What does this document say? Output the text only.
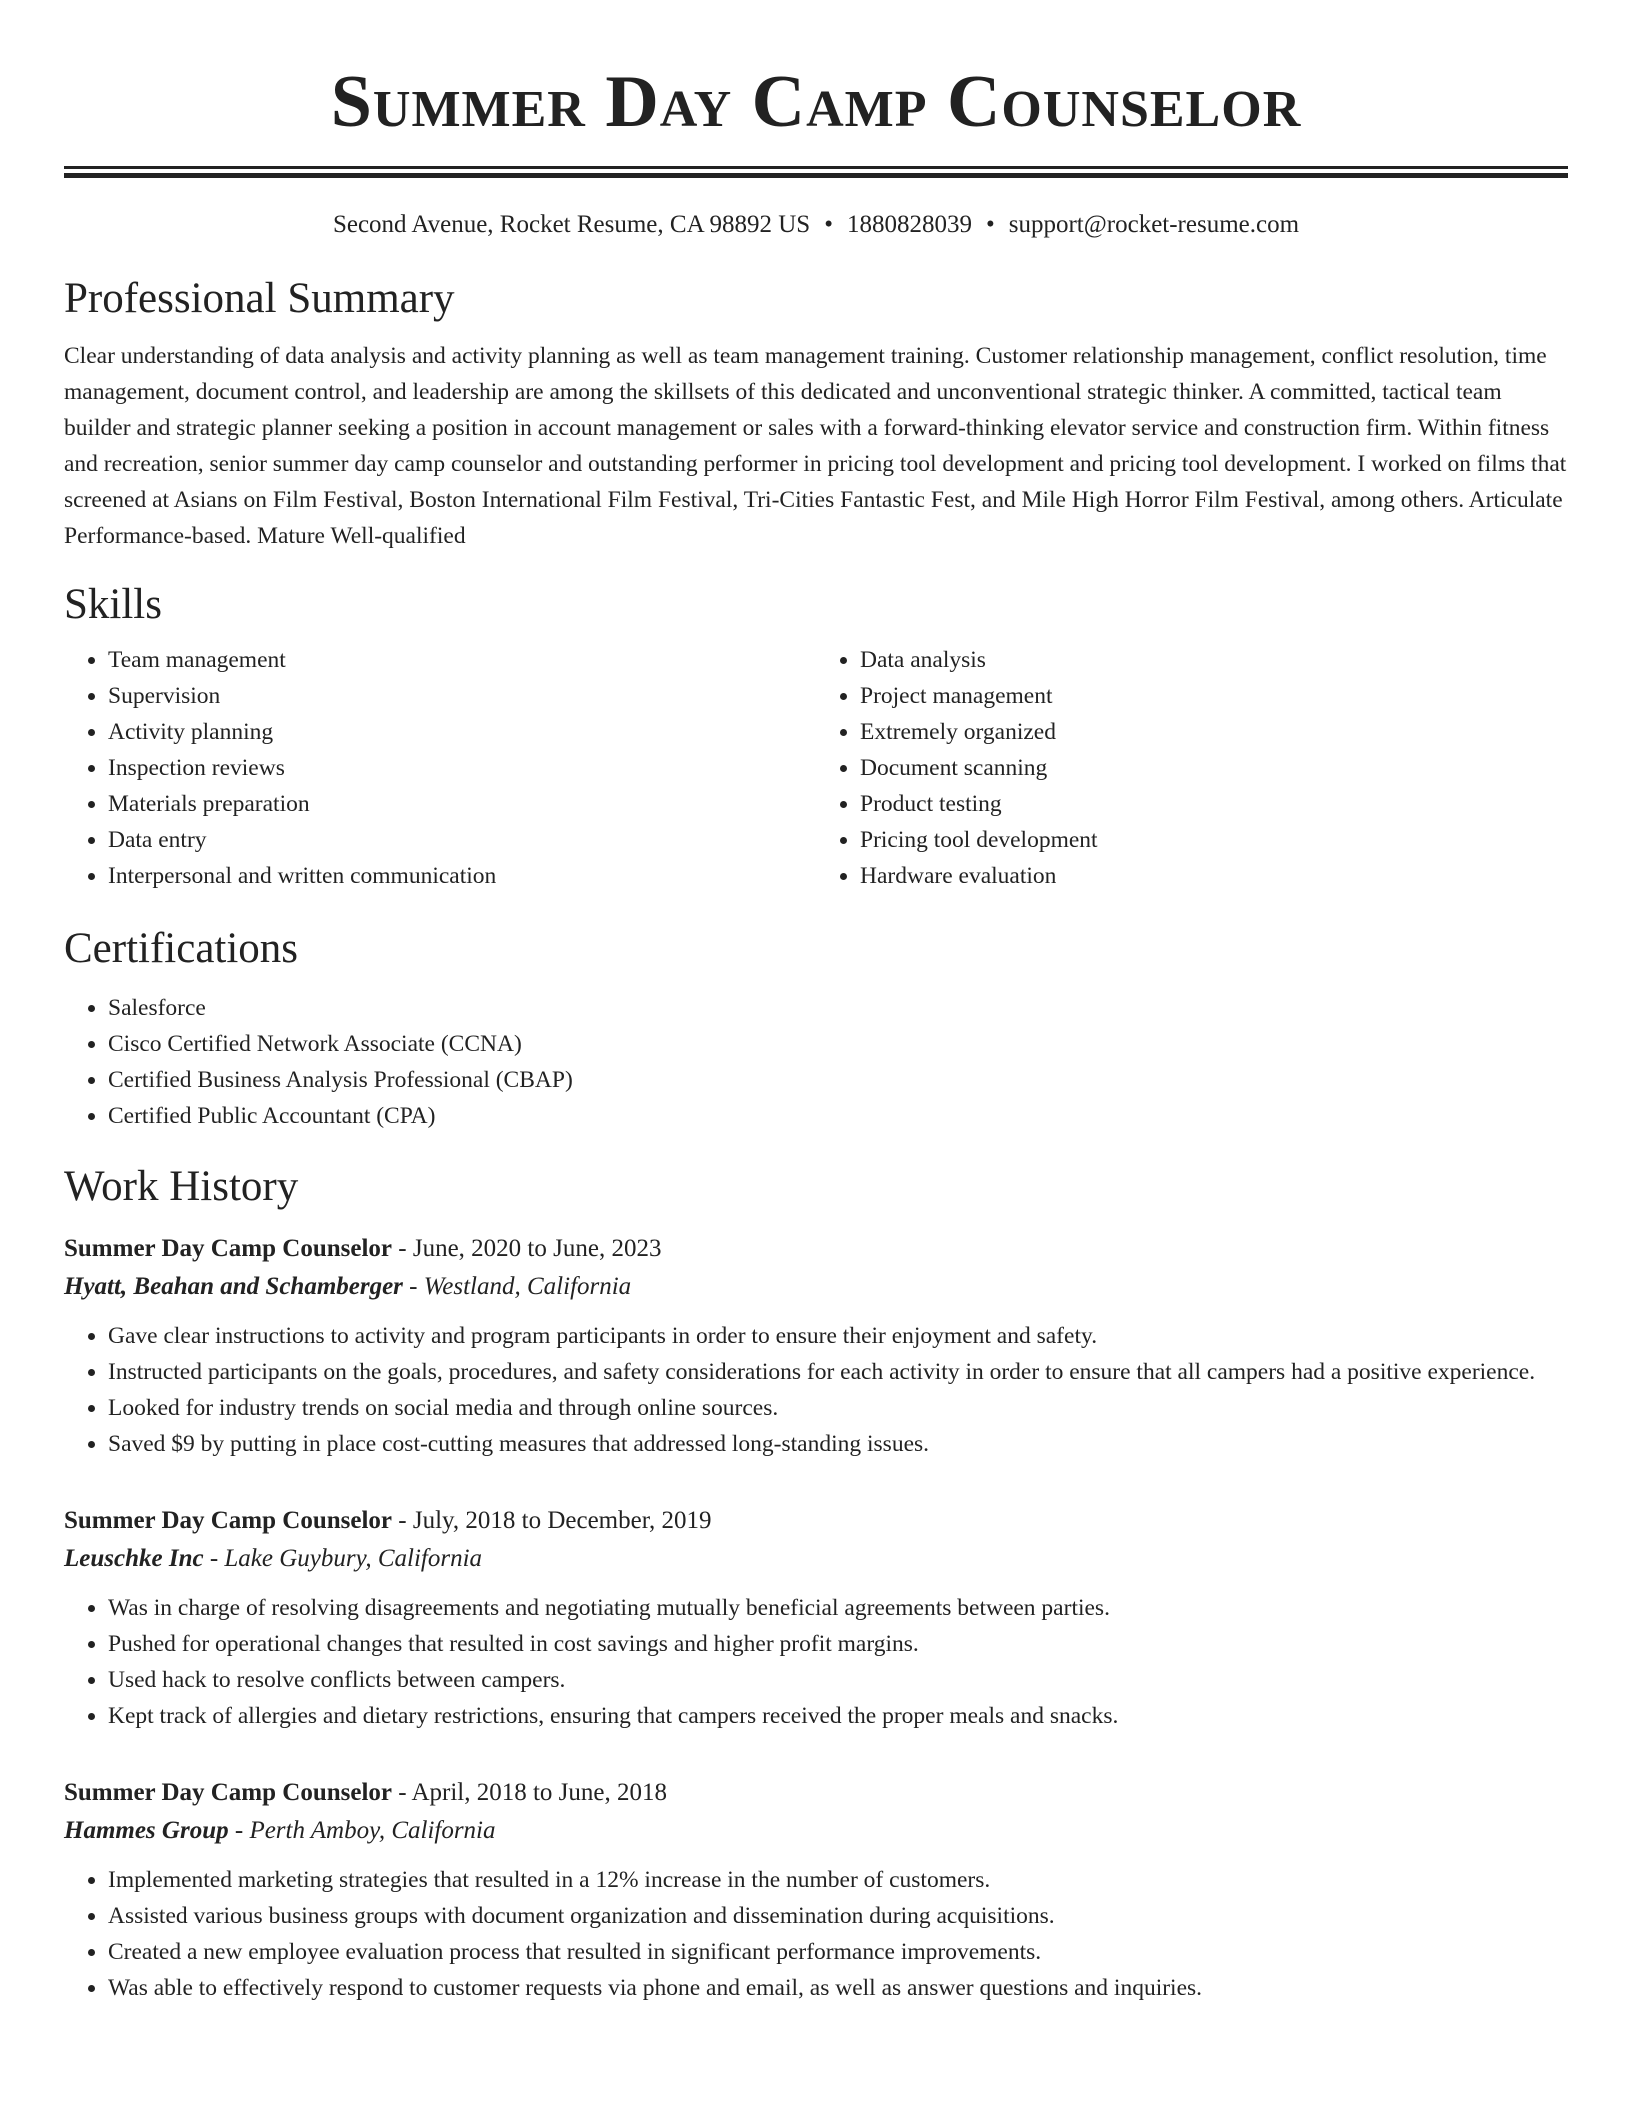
Summer Day Camp Counselor
Second Avenue, Rocket Resume, CA 98892 US • 1880828039 • support@rocket-resume.com
Professional Summary

Clear understanding of data analysis and activity planning as well as team management training. Customer relationship management, conflict resolution, time management, document control, and leadership are among the skillsets of this dedicated and unconventional strategic thinker. A committed, tactical team builder and strategic planner seeking a position in account management or sales with a forward-thinking elevator service and construction firm. Within fitness and recreation, senior summer day camp counselor and outstanding performer in pricing tool development and pricing tool development. I worked on films that screened at Asians on Film Festival, Boston International Film Festival, Tri-Cities Fantastic Fest, and Mile High Horror Film Festival, among others. Articulate Performance-based. Mature Well-qualified

Skills
• Team management
• Supervision
• Activity planning
• Inspection reviews
• Materials preparation
• Data entry
• Interpersonal and written communication
• Data analysis
• Project management
• Extremely organized
• Document scanning
• Product testing
• Pricing tool development
• Hardware evaluation
Certifications
• Salesforce
• Cisco Certified Network Associate (CCNA)
• Certified Business Analysis Professional (CBAP)
• Certified Public Accountant (CPA)
Work History
Summer Day Camp Counselor - June, 2020 to June, 2023
Hyatt, Beahan and Schamberger - Westland, California
• Gave clear instructions to activity and program participants in order to ensure their enjoyment and safety.
• Instructed participants on the goals, procedures, and safety considerations for each activity in order to ensure that all campers had a positive experience.
• Looked for industry trends on social media and through online sources.
• Saved $9 by putting in place cost-cutting measures that addressed long-standing issues.
Summer Day Camp Counselor - July, 2018 to December, 2019
Leuschke Inc - Lake Guybury, California
• Was in charge of resolving disagreements and negotiating mutually beneficial agreements between parties.
• Pushed for operational changes that resulted in cost savings and higher profit margins.
• Used hack to resolve conflicts between campers.
• Kept track of allergies and dietary restrictions, ensuring that campers received the proper meals and snacks.
Summer Day Camp Counselor - April, 2018 to June, 2018
Hammes Group - Perth Amboy, California
• Implemented marketing strategies that resulted in a 12% increase in the number of customers.
• Assisted various business groups with document organization and dissemination during acquisitions.
• Created a new employee evaluation process that resulted in significant performance improvements.
• Was able to effectively respond to customer requests via phone and email, as well as answer questions and inquiries.
